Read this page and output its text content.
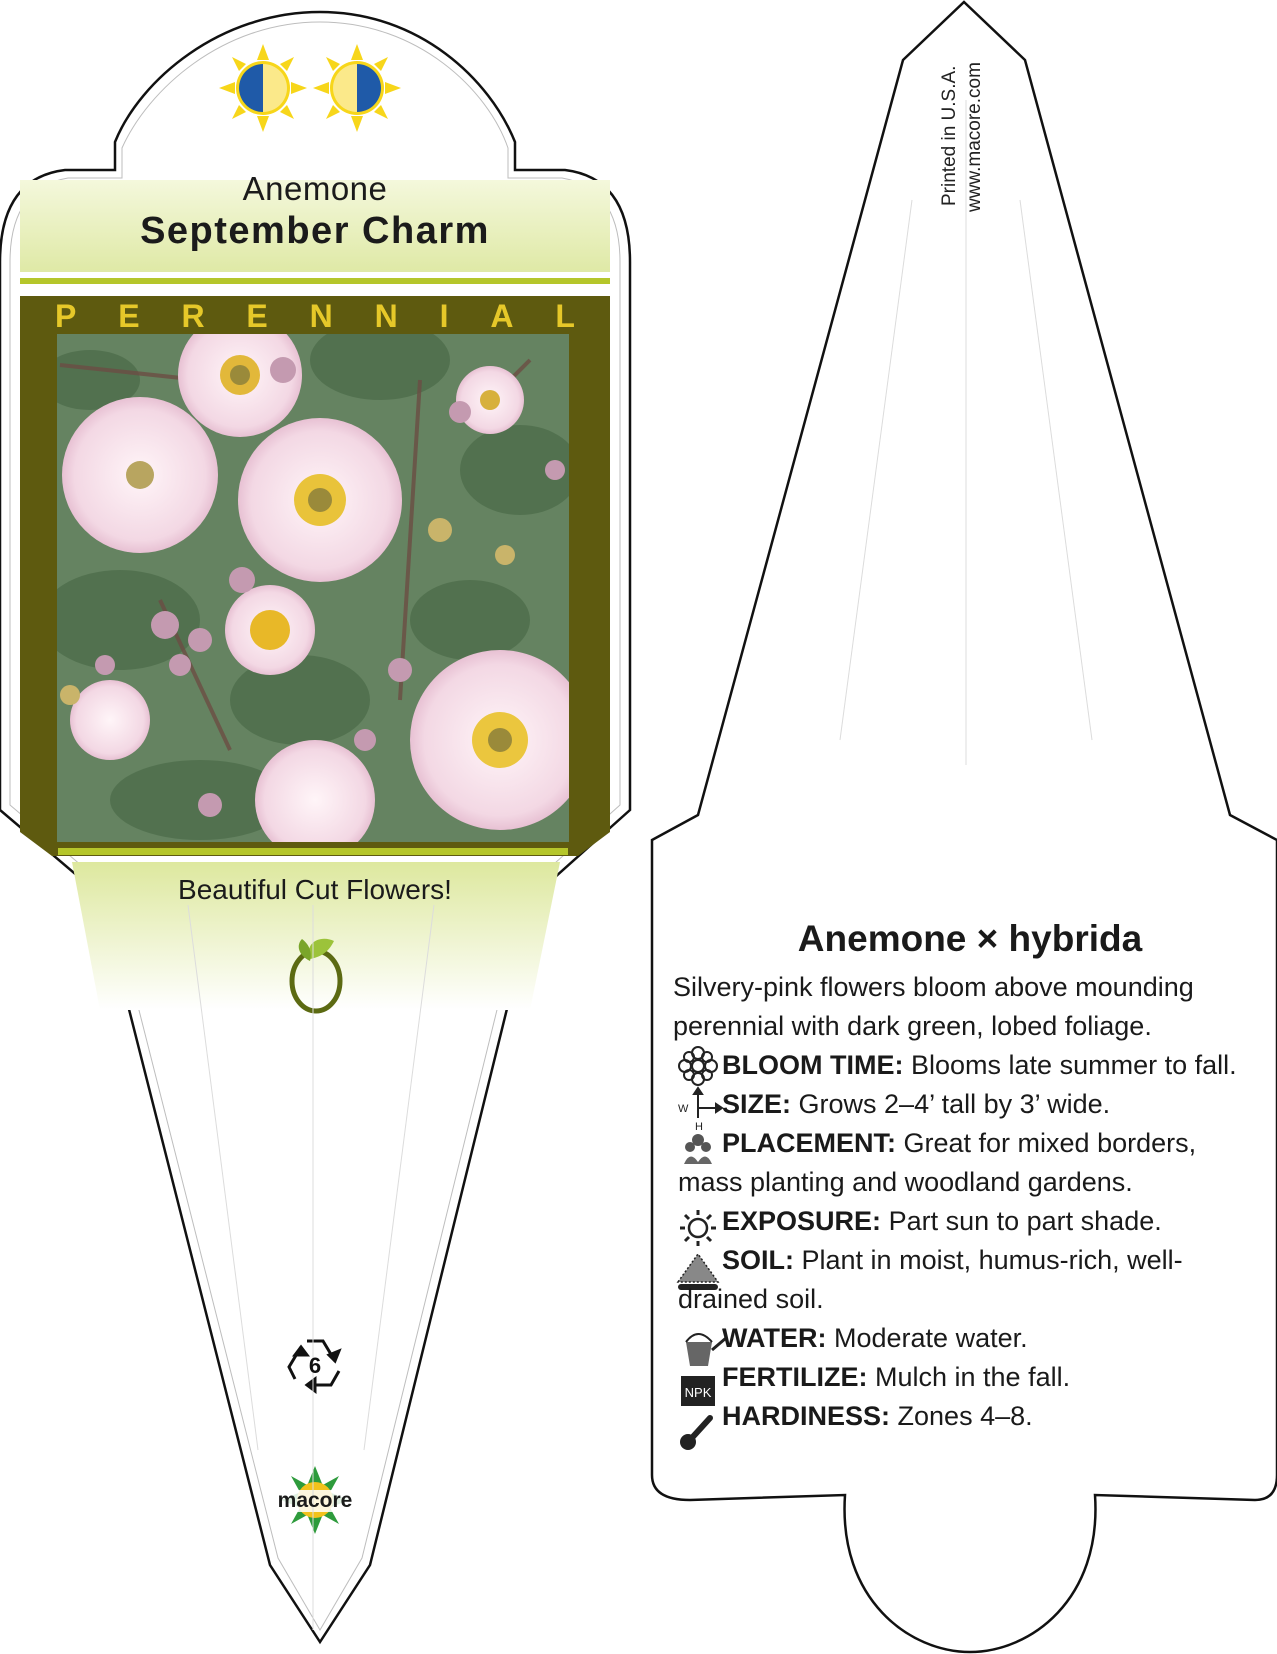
W
H
NPK
Anemone
September Charm
P E R E N N I A L
Beautiful Cut Flowers!
6
macore
Printed in U.S.A. www.macore.com
Anemone × hybrida

Silvery-pink flowers bloom above mounding perennial with dark green, lobed foliage.

BLOOM TIME: Blooms late summer to fall.

SIZE: Grows 2–4’ tall by 3’ wide.

PLACEMENT: Great for mixed borders, mass planting and woodland gardens.

EXPOSURE: Part sun to part shade.

SOIL: Plant in moist, humus-rich, well-drained soil.

WATER: Moderate water.

FERTILIZE: Mulch in the fall.

HARDINESS: Zones 4–8.
